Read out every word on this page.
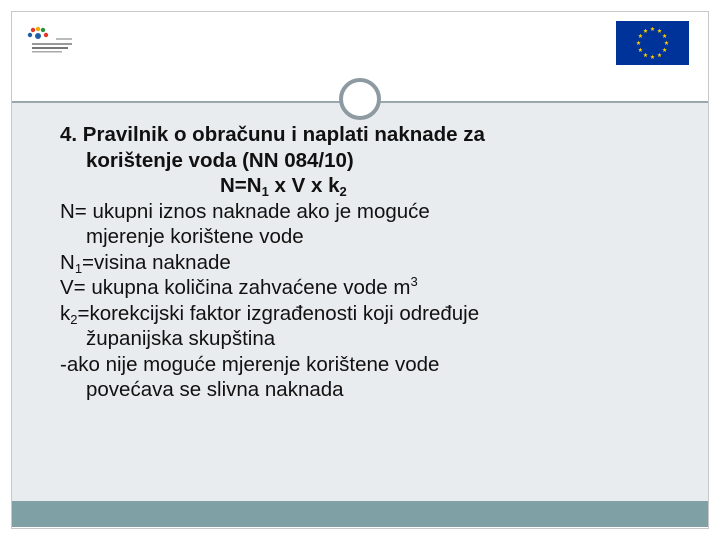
4. Pravilnik o obračunu i naplati naknade za

korištenje voda (NN 084/10)

$N=N_1$ x V x $k_2$

N= ukupni iznos naknade ako je moguće

mjerenje korištene vode

$N_1=visina$ naknade

V= ukupna količina zahvaćene vode $m^3$

$k_2=korekcijski$ faktor izgrađenosti koji određuje

županijska skupština

-ako nije moguće mjerenje korištene vode

povećava se slivna naknada
